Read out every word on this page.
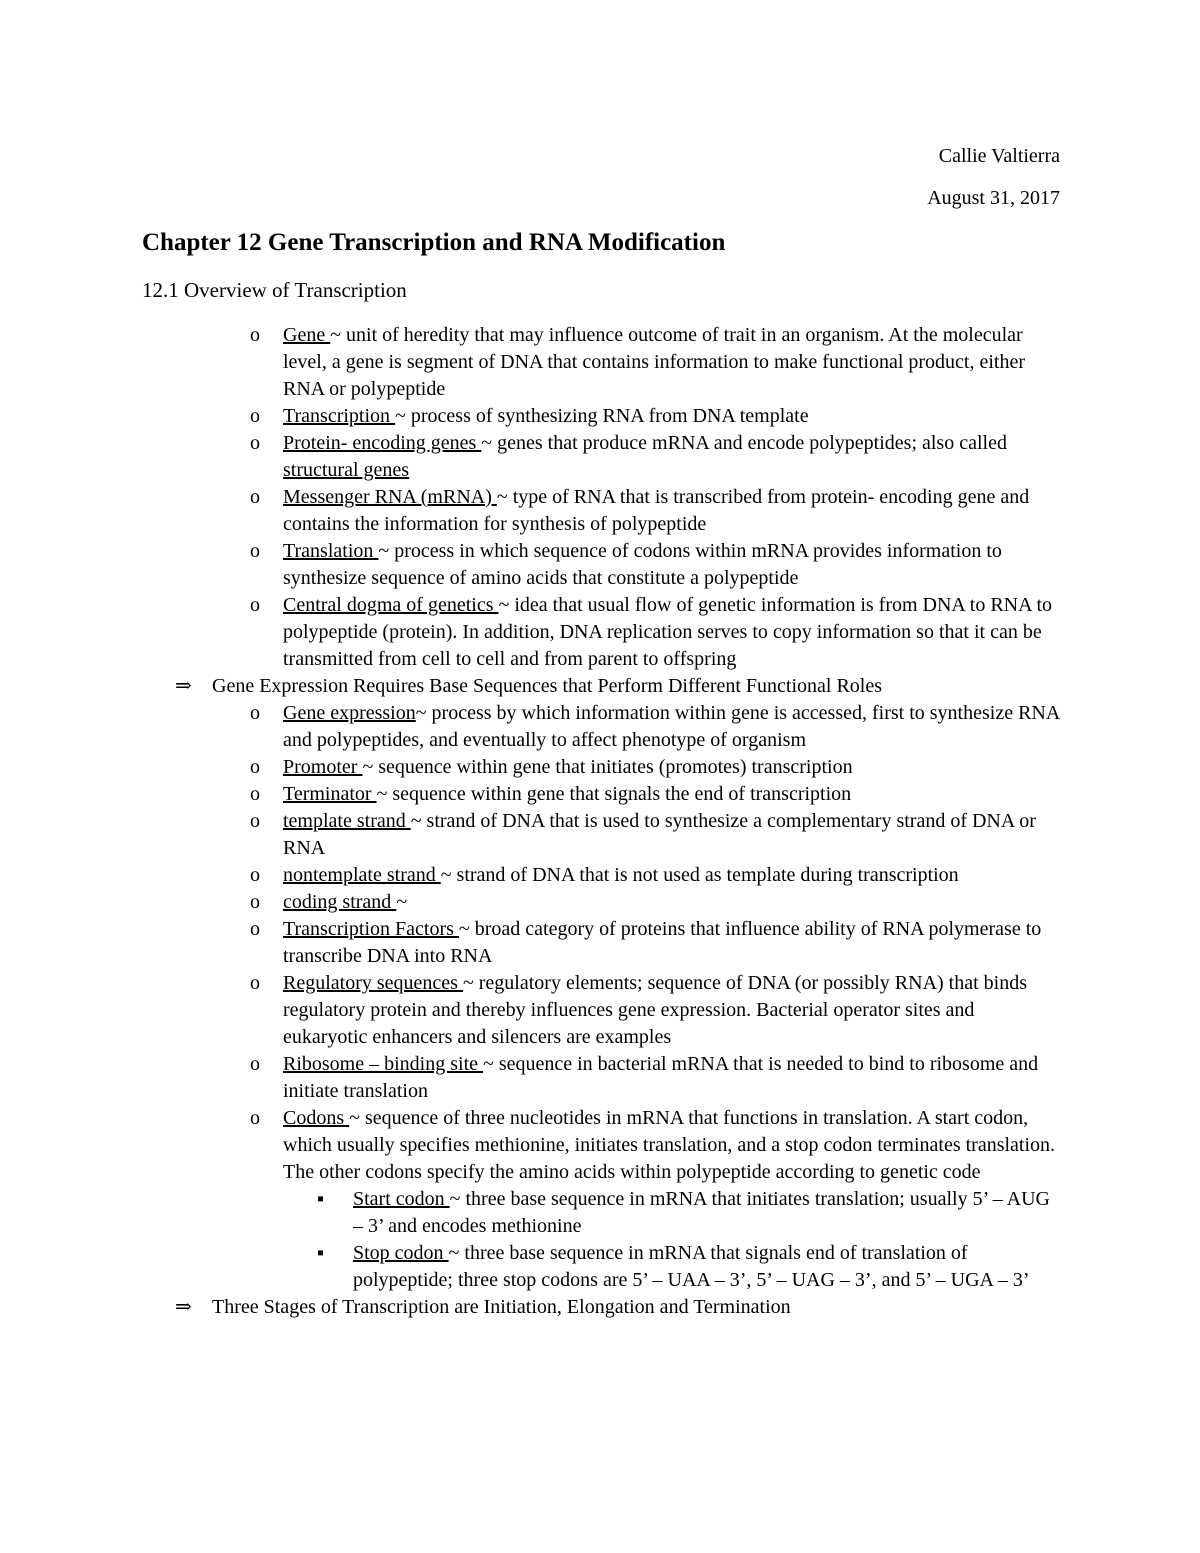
Callie Valtierra
August 31, 2017
Chapter 12 Gene Transcription and RNA Modification
12.1 Overview of Transcription
o Gene ~ unit of heredity that may influence outcome of trait in an organism. At the molecular level, a gene is segment of DNA that contains information to make functional product, either RNA or polypeptide
o Transcription ~ process of synthesizing RNA from DNA template
o Protein- encoding genes ~ genes that produce mRNA and encode polypeptides; also called structural genes
o Messenger RNA (mRNA) ~ type of RNA that is transcribed from protein- encoding gene and contains the information for synthesis of polypeptide
o Translation ~ process in which sequence of codons within mRNA provides information to synthesize sequence of amino acids that constitute a polypeptide
o Central dogma of genetics ~ idea that usual flow of genetic information is from DNA to RNA to polypeptide (protein). In addition, DNA replication serves to copy information so that it can be transmitted from cell to cell and from parent to offspring
⇒ Gene Expression Requires Base Sequences that Perform Different Functional Roles
o Gene expression~ process by which information within gene is accessed, first to synthesize RNA and polypeptides, and eventually to affect phenotype of organism
o Promoter ~ sequence within gene that initiates (promotes) transcription
o Terminator ~ sequence within gene that signals the end of transcription
o template strand ~ strand of DNA that is used to synthesize a complementary strand of DNA or RNA
o nontemplate strand ~ strand of DNA that is not used as template during transcription
o coding strand ~
o Transcription Factors ~ broad category of proteins that influence ability of RNA polymerase to transcribe DNA into RNA
o Regulatory sequences ~ regulatory elements; sequence of DNA (or possibly RNA) that binds regulatory protein and thereby influences gene expression. Bacterial operator sites and eukaryotic enhancers and silencers are examples
o Ribosome – binding site ~ sequence in bacterial mRNA that is needed to bind to ribosome and initiate translation
o Codons ~ sequence of three nucleotides in mRNA that functions in translation. A start codon, which usually specifies methionine, initiates translation, and a stop codon terminates translation. The other codons specify the amino acids within polypeptide according to genetic code
▪ Start codon ~ three base sequence in mRNA that initiates translation; usually 5’ – AUG – 3’ and encodes methionine
▪ Stop codon ~ three base sequence in mRNA that signals end of translation of polypeptide; three stop codons are 5’ – UAA – 3’, 5’ – UAG – 3’, and 5’ – UGA – 3’
⇒ Three Stages of Transcription are Initiation, Elongation and Termination
